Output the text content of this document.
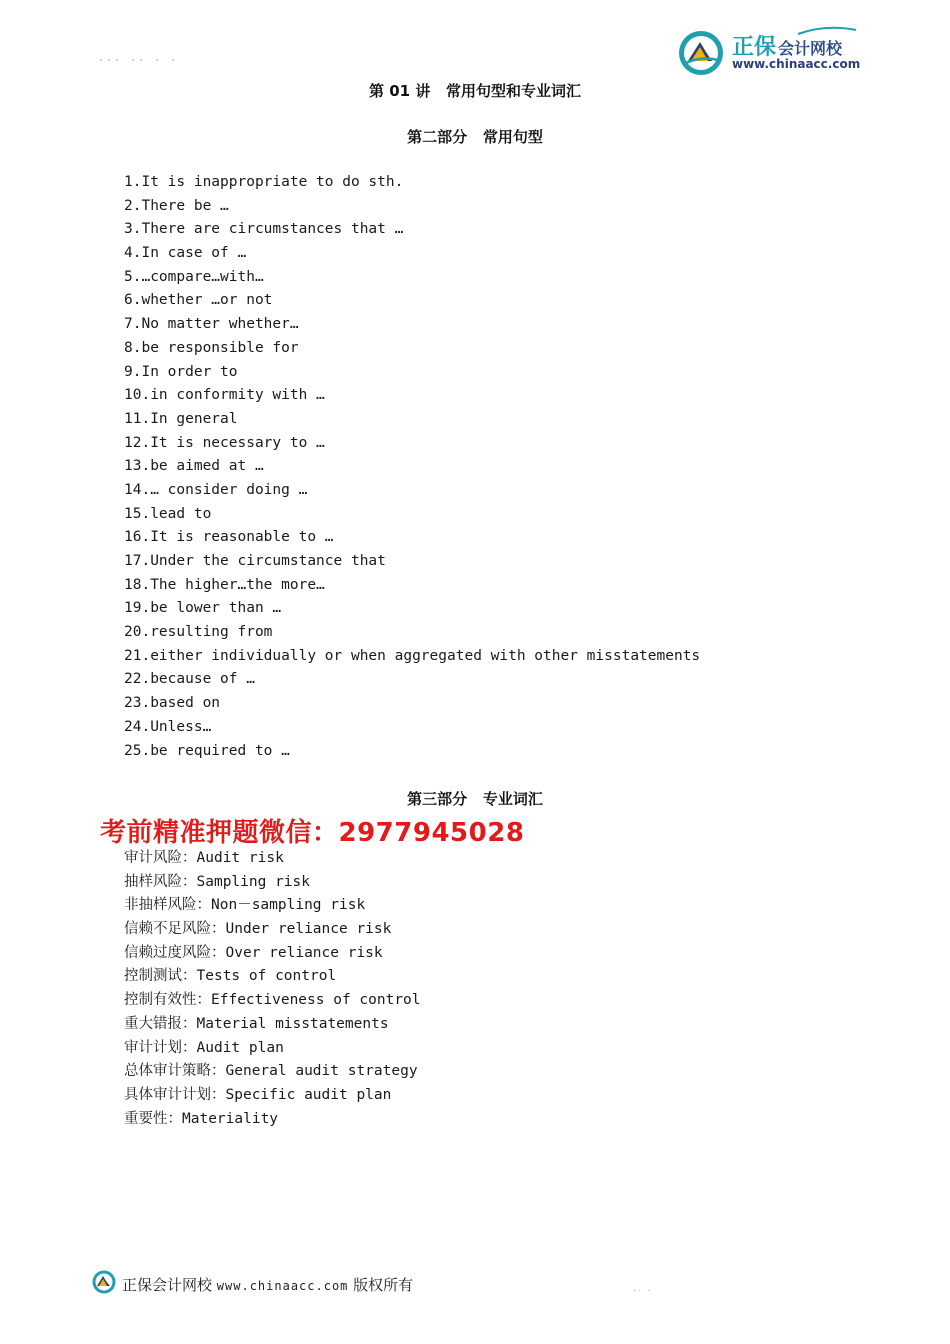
正保 会计网校
www.chinaacc.com
··· ·· · ·
第 01 讲   常用句型和专业词汇
第二部分   常用句型
1.It is inappropriate to do sth.
2.There be …
3.There are circumstances that …
4.In case of …
5.…compare…with…
6.whether …or not
7.No matter whether…
8.be responsible for
9.In order to
10.in conformity with …
11.In general
12.It is necessary to …
13.be aimed at …
14.… consider doing …
15.lead to
16.It is reasonable to …
17.Under the circumstance that
18.The higher…the more…
19.be lower than …
20.resulting from
21.either individually or when aggregated with other misstatements
22.because of …
23.based on
24.Unless…
25.be required to …
第三部分   专业词汇
考前精准押题微信：2977945028
审计风险：Audit risk
抽样风险：Sampling risk
非抽样风险：Non－sampling risk
信赖不足风险：Under reliance risk
信赖过度风险：Over reliance risk
控制测试：Tests of control
控制有效性：Effectiveness of control
重大错报：Material misstatements
审计计划：Audit plan
总体审计策略：General audit strategy
具体审计计划：Specific audit plan
重要性：Materiality
正保会计网校 www.chinaacc.com 版权所有	·· ·
